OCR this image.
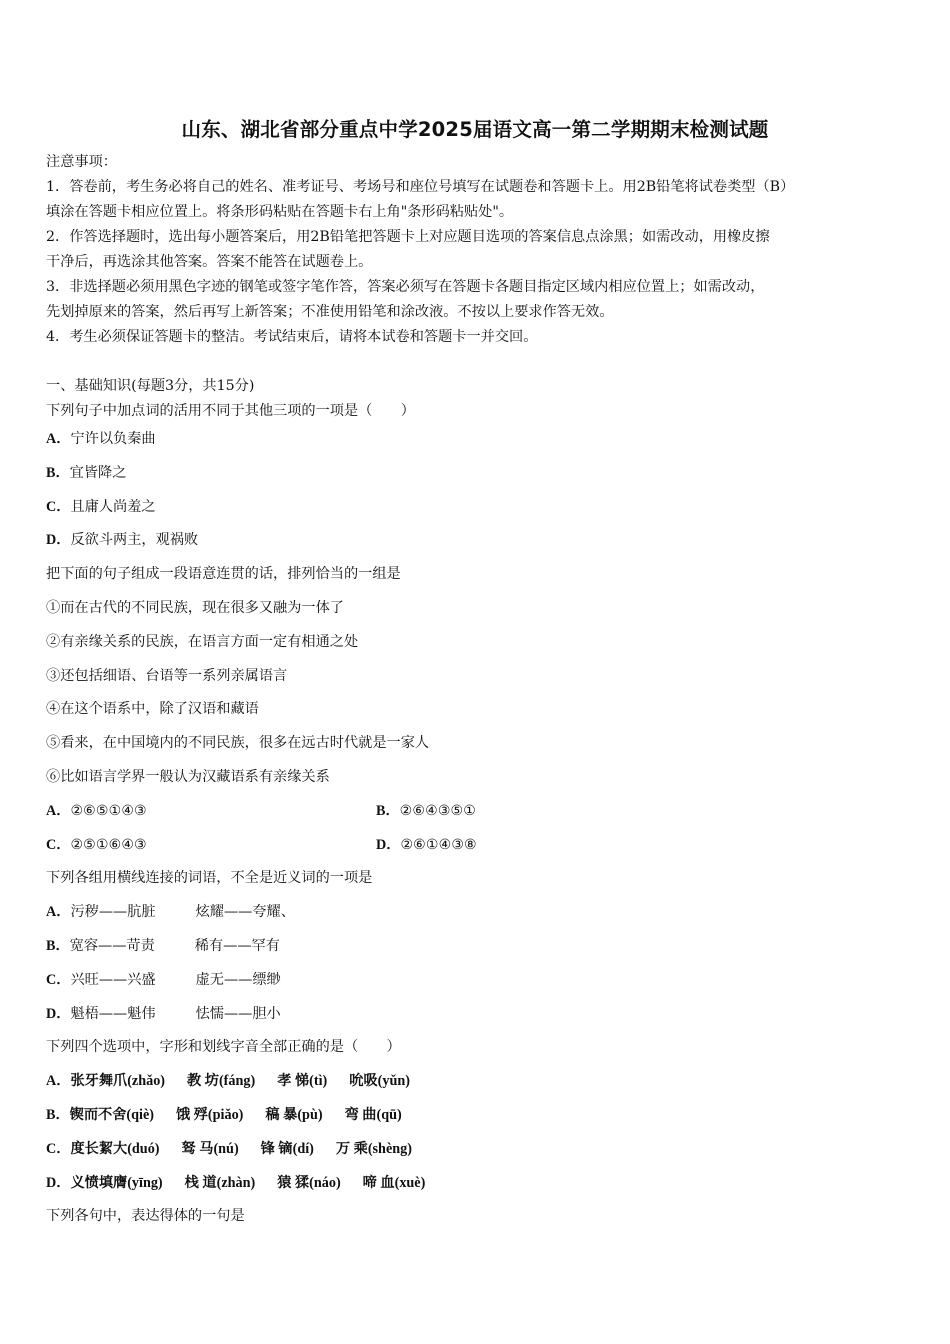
山东、湖北省部分重点中学2025届语文高一第二学期期末检测试题

注意事项：

1．答卷前，考生务必将自己的姓名、准考证号、考场号和座位号填写在试题卷和答题卡上。用2B铅笔将试卷类型（B）

填涂在答题卡相应位置上。将条形码粘贴在答题卡右上角"条形码粘贴处"。

2．作答选择题时，选出每小题答案后，用2B铅笔把答题卡上对应题目选项的答案信息点涂黑；如需改动，用橡皮擦

干净后，再选涂其他答案。答案不能答在试题卷上。

3．非选择题必须用黑色字迹的钢笔或签字笔作答，答案必须写在答题卡各题目指定区域内相应位置上；如需改动，

先划掉原来的答案，然后再写上新答案；不准使用铅笔和涂改液。不按以上要求作答无效。

4．考生必须保证答题卡的整洁。考试结束后，请将本试卷和答题卡一并交回。

一、基础知识(每题3分，共15分)
下列句子中加点词的活用不同于其他三项的一项是（　　）
A．宁许以负秦曲
B．宜皆降之
C．且庸人尚羞之
D．反欲斗两主，观祸败
把下面的句子组成一段语意连贯的话，排列恰当的一组是
①而在古代的不同民族，现在很多又融为一体了
②有亲缘关系的民族，在语言方面一定有相通之处
③还包括细语、台语等一系列亲属语言
④在这个语系中，除了汉语和藏语
⑤看来，在中国境内的不同民族，很多在远古时代就是一家人
⑥比如语言学界一般认为汉藏语系有亲缘关系
A．②⑥⑤①④③	B．②⑥④③⑤①
C．②⑤①⑥④③	D．②⑥①④③⑧
下列各组用横线连接的词语，不全是近义词的一项是
A．污秽——肮脏	炫耀——夸耀、
B．宽容——苛责	稀有——罕有
C．兴旺——兴盛	虚无——缥缈
D．魁梧——魁伟	怯懦——胆小
下列四个选项中，字形和划线字音全部正确的是（　　）
A．张牙舞爪(zhǎo) 教 坊(fáng) 孝 悌(tì) 吮吸(yǔn)
B．锲而不舍(qiè) 饿 殍(piǎo) 稿 暴(pù) 弯 曲(qū)
C．度长絜大(duó) 驽 马(nú) 锋 镝(dí) 万 乘(shèng)
D．义愤填膺(yīng) 栈 道(zhàn) 猿 猱(náo) 啼 血(xuè)
下列各句中，表达得体的一句是
